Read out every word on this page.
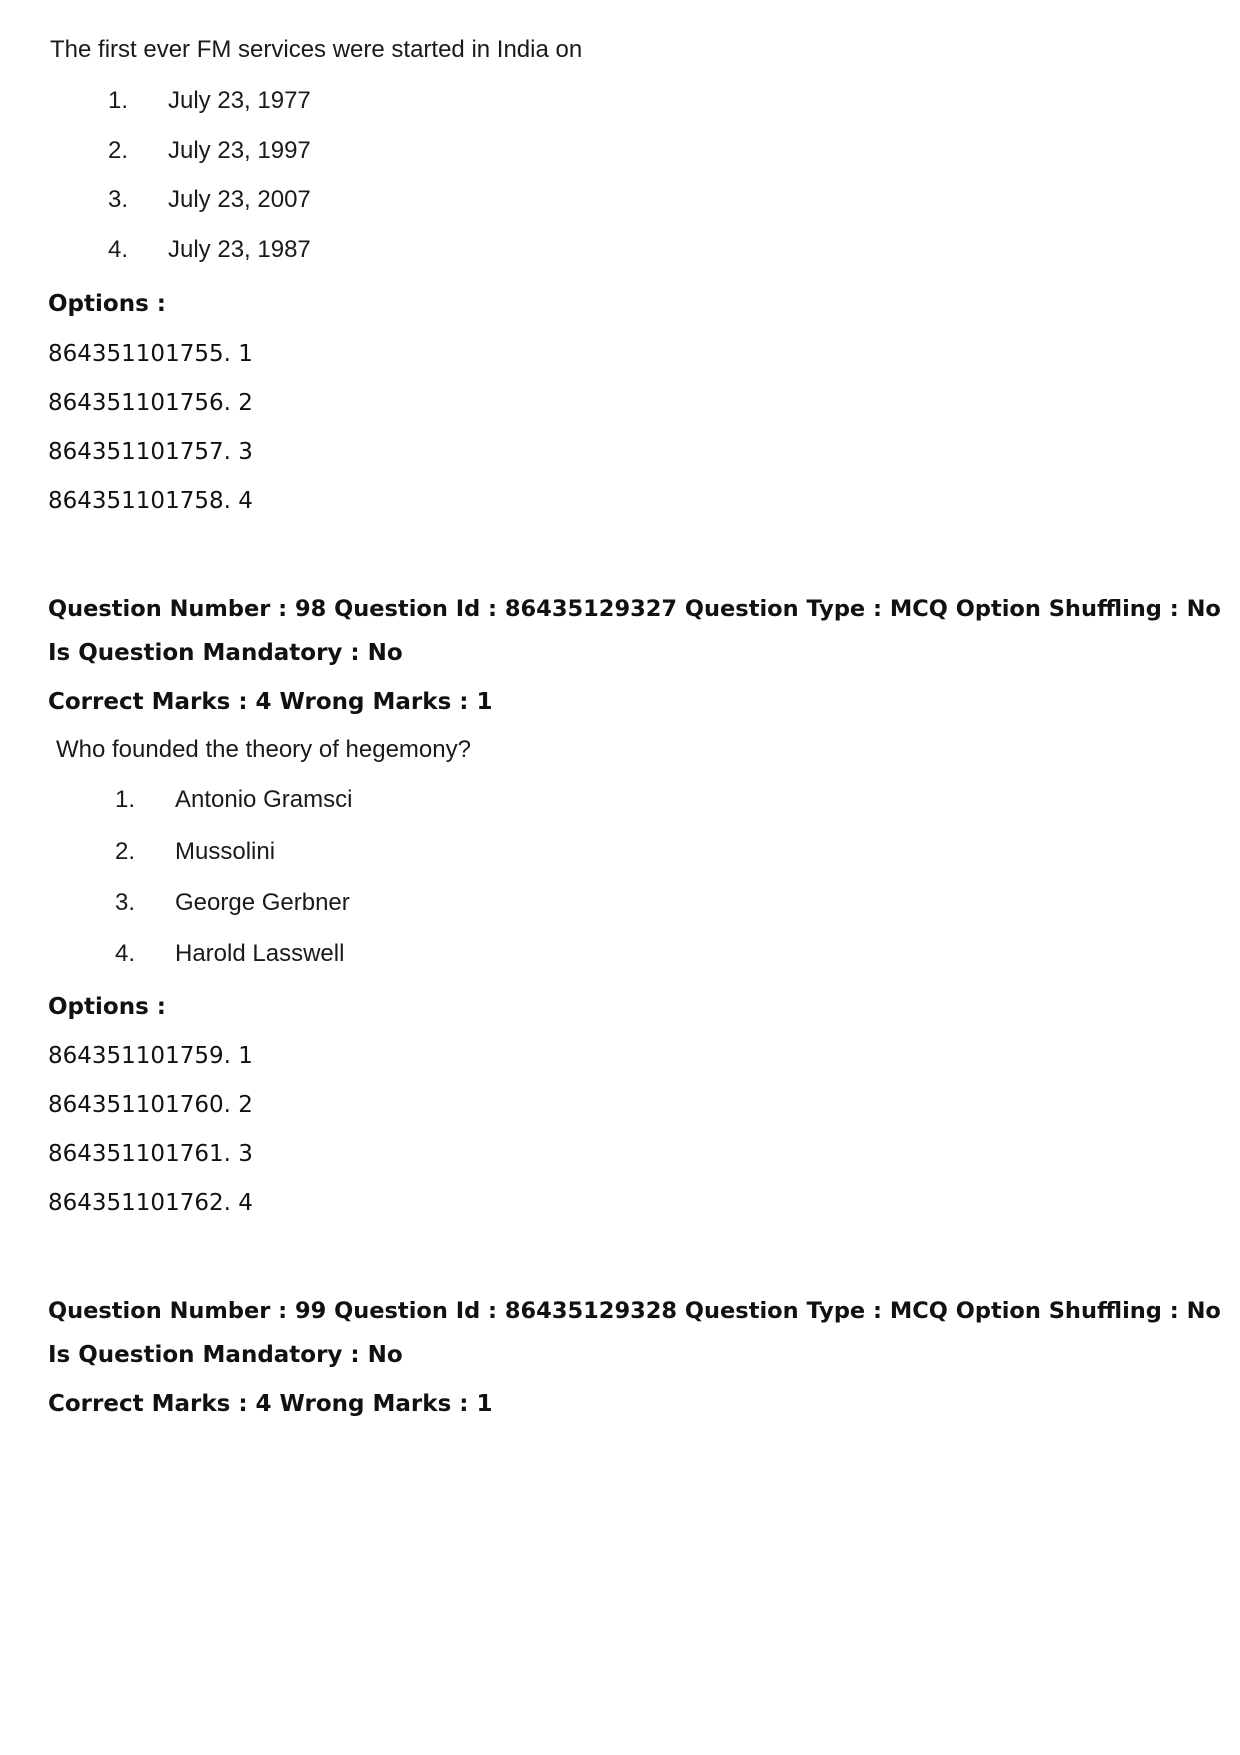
The first ever FM services were started in India on
1. July 23, 1977
2. July 23, 1997
3. July 23, 2007
4. July 23, 1987
Options :
864351101755. 1
864351101756. 2
864351101757. 3
864351101758. 4
Question Number : 98 Question Id : 86435129327 Question Type : MCQ Option Shuffling : No
Is Question Mandatory : No
Correct Marks : 4 Wrong Marks : 1
Who founded the theory of hegemony?
1. Antonio Gramsci
2. Mussolini
3. George Gerbner
4. Harold Lasswell
Options :
864351101759. 1
864351101760. 2
864351101761. 3
864351101762. 4
Question Number : 99 Question Id : 86435129328 Question Type : MCQ Option Shuffling : No
Is Question Mandatory : No
Correct Marks : 4 Wrong Marks : 1
